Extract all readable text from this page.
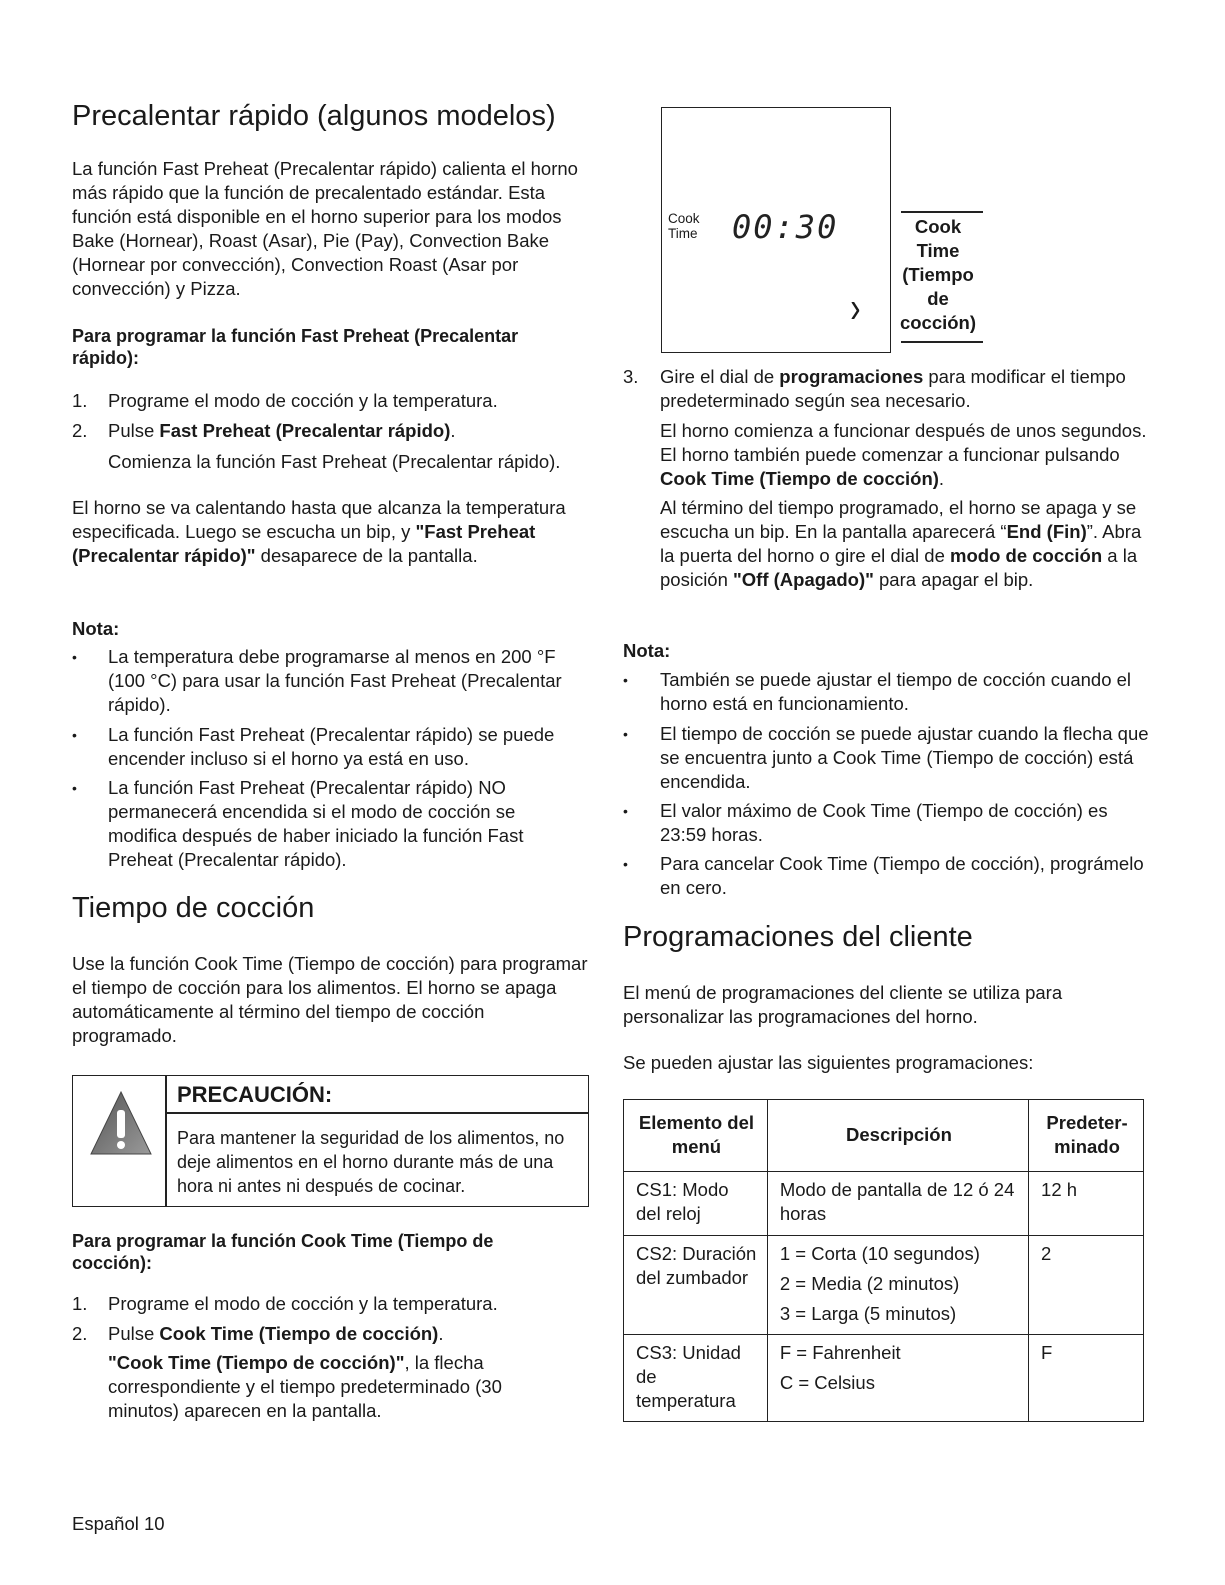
Precalentar rápido (algunos modelos)

La función Fast Preheat (Precalentar rápido) calienta el horno más rápido que la función de precalentado estándar. Esta función está disponible en el horno superior para los modos Bake (Hornear), Roast (Asar), Pie (Pay), Convection Bake (Hornear por convección), Convection Roast (Asar por convección) y Pizza.

Para programar la función Fast Preheat (Precalentar rápido):

1. Programe el modo de cocción y la temperatura.

2. Pulse Fast Preheat (Precalentar rápido).

Comienza la función Fast Preheat (Precalentar rápido).

El horno se va calentando hasta que alcanza la temperatura especificada. Luego se escucha un bip, y "Fast Preheat (Precalentar rápido)" desaparece de la pantalla.

Nota:

• La temperatura debe programarse al menos en 200 °F (100 °C) para usar la función Fast Preheat (Precalentar rápido).

• La función Fast Preheat (Precalentar rápido) se puede encender incluso si el horno ya está en uso.

• La función Fast Preheat (Precalentar rápido) NO permanecerá encendida si el modo de cocción se modifica después de haber iniciado la función Fast Preheat (Precalentar rápido).

Tiempo de cocción

Use la función Cook Time (Tiempo de cocción) para programar el tiempo de cocción para los alimentos. El horno se apaga automáticamente al término del tiempo de cocción programado.

PRECAUCIÓN:

Para mantener la seguridad de los alimentos, no deje alimentos en el horno durante más de una hora ni antes ni después de cocinar.

Para programar la función Cook Time (Tiempo de cocción):

1. Programe el modo de cocción y la temperatura.

2. Pulse Cook Time (Tiempo de cocción).

"Cook Time (Tiempo de cocción)", la flecha correspondiente y el tiempo predeterminado (30 minutos) aparecen en la pantalla.

Español 10

Cook
Time 00:30
›
Cook
Time
(Tiempo
de
cocción)
3. Gire el dial de programaciones para modificar el tiempo predeterminado según sea necesario.

El horno comienza a funcionar después de unos segundos. El horno también puede comenzar a funcionar pulsando Cook Time (Tiempo de cocción).

Al término del tiempo programado, el horno se apaga y se escucha un bip. En la pantalla aparecerá “End (Fin)”. Abra la puerta del horno o gire el dial de modo de cocción a la posición "Off (Apagado)" para apagar el bip.

Nota:

• También se puede ajustar el tiempo de cocción cuando el horno está en funcionamiento.

• El tiempo de cocción se puede ajustar cuando la flecha que se encuentra junto a Cook Time (Tiempo de cocción) está encendida.

• El valor máximo de Cook Time (Tiempo de cocción) es 23:59 horas.

• Para cancelar Cook Time (Tiempo de cocción), prográmelo en cero.

Programaciones del cliente

El menú de programaciones del cliente se utiliza para personalizar las programaciones del horno.

Se pueden ajustar las siguientes programaciones:

Elemento del menú	Descripción	Predeter-minado
CS1: Modo del reloj	Modo de pantalla de 12 ó 24 horas	12 h
CS2: Duración del zumbador	1 = Corta (10 segundos)
2 = Media (2 minutos)
3 = Larga (5 minutos)	2
CS3: Unidad de temperatura	F = Fahrenheit
C = Celsius	F
